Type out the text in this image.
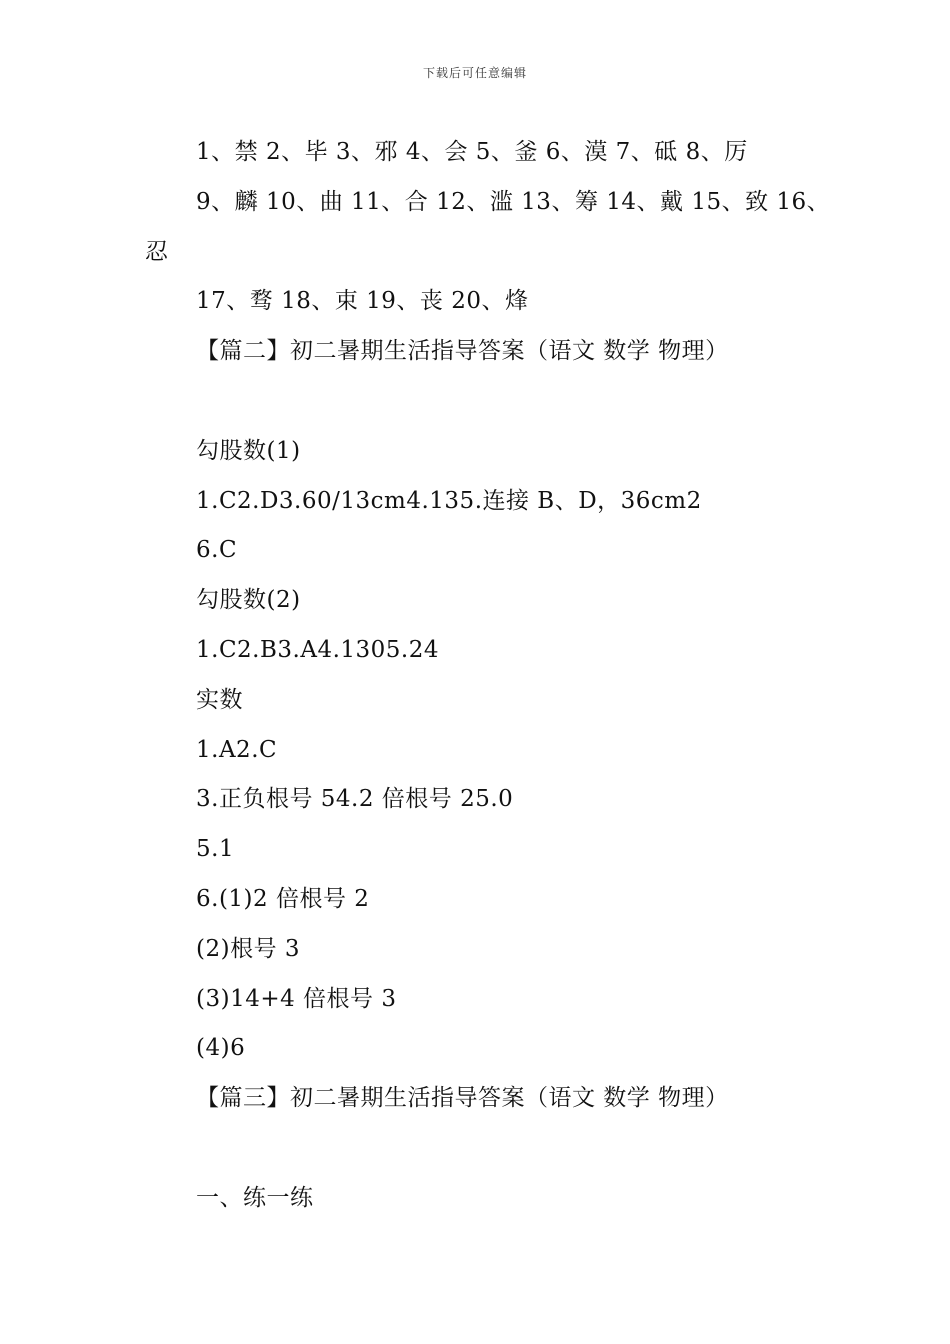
下载后可任意编辑
1、禁 2、毕 3、邪 4、会 5、釜 6、漠 7、砥 8、厉
9、麟 10、曲 11、合 12、滥 13、筹 14、戴 15、致 16、
忍
17、骛 18、束 19、丧 20、烽
【篇二】初二暑期生活指导答案（语文 数学 物理）
勾股数(1)
1.C2.D3.60/13cm4.135.连接 B、D，36cm2
6.C
勾股数(2)
1.C2.B3.A4.1305.24
实数
1.A2.C
3.正负根号 54.2 倍根号 25.0
5.1
6.(1)2 倍根号 2
(2)根号 3
(3)14+4 倍根号 3
(4)6
【篇三】初二暑期生活指导答案（语文 数学 物理）
一、练一练
